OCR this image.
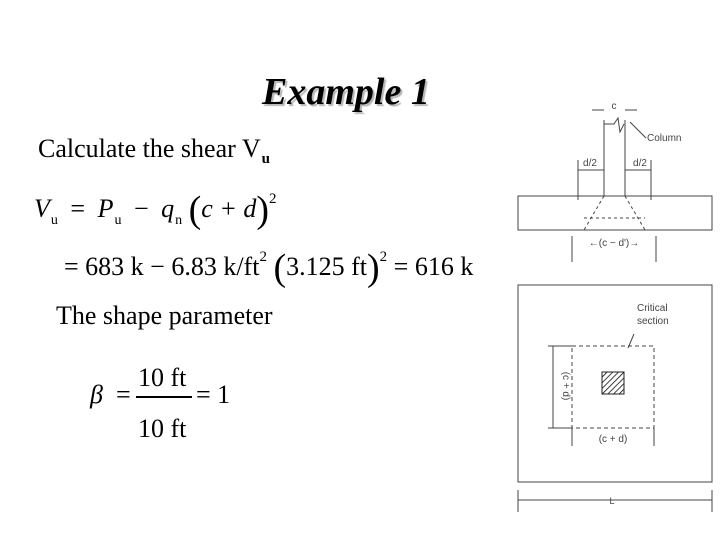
Example 1
Calculate the shear $V_u$
$V_u = P_u - q_n$ $(c + d)^2$
= 683 k − 6.83 $k/ft^2$ (3.125 ft)$^2$ = 616 k
The shape parameter
β =
10 ft
10 ft
= 1
c
Column
d/2	d/2
←(c − d')→
Critical
section
(c + d)
(c + d)
L
